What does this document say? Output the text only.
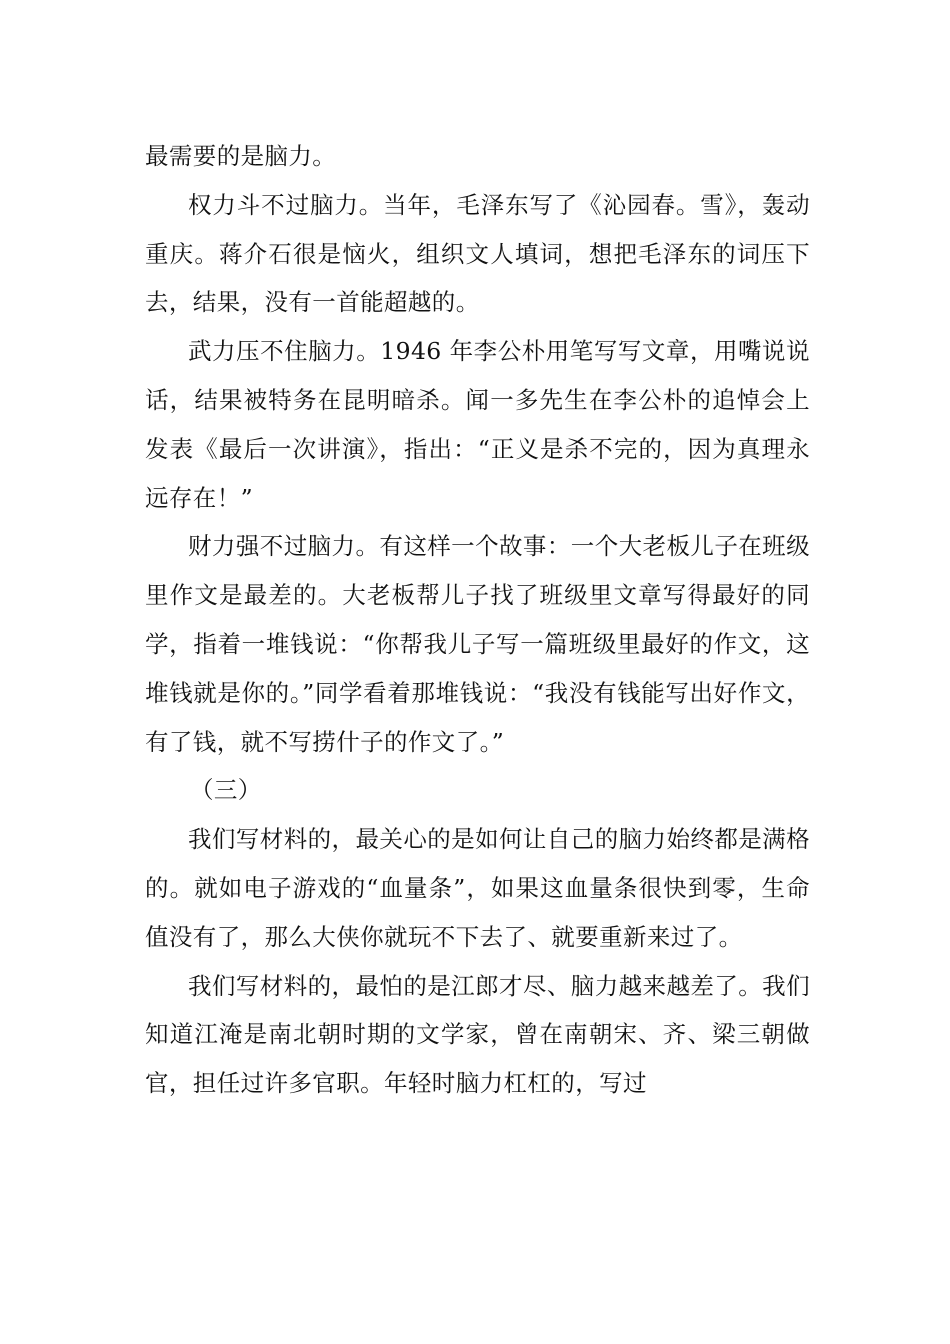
最需要的是脑力。

权力斗不过脑力。当年，毛泽东写了《沁园春。雪》，轰动重庆。蒋介石很是恼火，组织文人填词，想把毛泽东的词压下去，结果，没有一首能超越的。

武力压不住脑力。1946 年李公朴用笔写写文章，用嘴说说话，结果被特务在昆明暗杀。闻一多先生在李公朴的追悼会上发表《最后一次讲演》，指出：“正义是杀不完的，因为真理永远存在！”

财力强不过脑力。有这样一个故事：一个大老板儿子在班级里作文是最差的。大老板帮儿子找了班级里文章写得最好的同学，指着一堆钱说：“你帮我儿子写一篇班级里最好的作文，这堆钱就是你的。”同学看着那堆钱说：“我没有钱能写出好作文，有了钱，就不写捞什子的作文了。”

（三）

我们写材料的，最关心的是如何让自己的脑力始终都是满格的。就如电子游戏的“血量条”，如果这血量条很快到零，生命值没有了，那么大侠你就玩不下去了、就要重新来过了。

我们写材料的，最怕的是江郎才尽、脑力越来越差了。我们知道江淹是南北朝时期的文学家，曾在南朝宋、齐、梁三朝做官，担任过许多官职。年轻时脑力杠杠的，写过
